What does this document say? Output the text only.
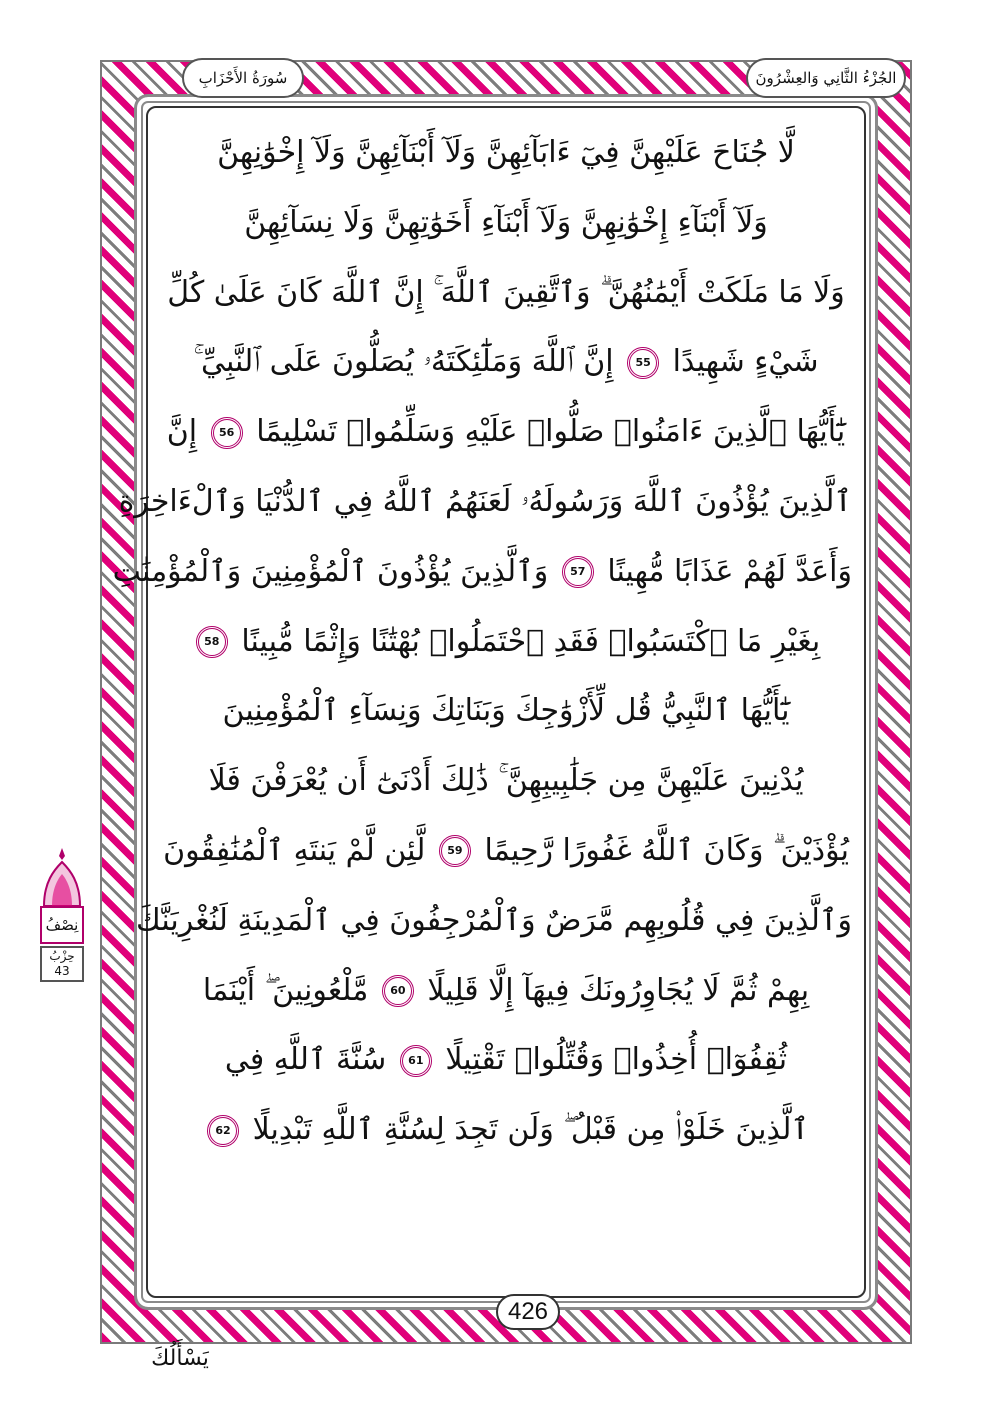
الجُزْءُ الثَّانِي وَالعِشْرُونَ
سُورَةُ الأَحْزَابِ
لَّا جُنَاحَ عَلَيْهِنَّ فِيٓ ءَابَآئِهِنَّ وَلَآ أَبْنَآئِهِنَّ وَلَآ إِخْوَٰنِهِنَّ
وَلَآ أَبْنَآءِ إِخْوَٰنِهِنَّ وَلَآ أَبْنَآءِ أَخَوَٰتِهِنَّ وَلَا نِسَآئِهِنَّ
وَلَا مَا مَلَكَتْ أَيْمَٰنُهُنَّ ۗ وَٱتَّقِينَ ٱللَّهَ ۚ إِنَّ ٱللَّهَ كَانَ عَلَىٰ كُلِّ
شَيْءٍ شَهِيدًا 55 إِنَّ ٱللَّهَ وَمَلَٰٓئِكَتَهُۥ يُصَلُّونَ عَلَى ٱلنَّبِيِّ ۚ
يَٰٓأَيُّهَا ٱلَّذِينَ ءَامَنُوا۟ صَلُّوا۟ عَلَيْهِ وَسَلِّمُوا۟ تَسْلِيمًا 56 إِنَّ
ٱلَّذِينَ يُؤْذُونَ ٱللَّهَ وَرَسُولَهُۥ لَعَنَهُمُ ٱللَّهُ فِي ٱلدُّنْيَا وَٱلْءَاخِرَةِ
وَأَعَدَّ لَهُمْ عَذَابًا مُّهِينًا 57 وَٱلَّذِينَ يُؤْذُونَ ٱلْمُؤْمِنِينَ وَٱلْمُؤْمِنَٰتِ
بِغَيْرِ مَا ٱكْتَسَبُوا۟ فَقَدِ ٱحْتَمَلُوا۟ بُهْتَٰنًا وَإِثْمًا مُّبِينًا 58
يَٰٓأَيُّهَا ٱلنَّبِيُّ قُل لِّأَزْوَٰجِكَ وَبَنَاتِكَ وَنِسَآءِ ٱلْمُؤْمِنِينَ
يُدْنِينَ عَلَيْهِنَّ مِن جَلَٰبِيبِهِنَّ ۚ ذَٰلِكَ أَدْنَىٰٓ أَن يُعْرَفْنَ فَلَا
يُؤْذَيْنَ ۗ وَكَانَ ٱللَّهُ غَفُورًا رَّحِيمًا 59 لَّئِن لَّمْ يَنتَهِ ٱلْمُنَٰفِقُونَ
وَٱلَّذِينَ فِي قُلُوبِهِم مَّرَضٌ وَٱلْمُرْجِفُونَ فِي ٱلْمَدِينَةِ لَنُغْرِيَنَّكَ
بِهِمْ ثُمَّ لَا يُجَاوِرُونَكَ فِيهَآ إِلَّا قَلِيلًا 60 مَّلْعُونِينَ ۖ أَيْنَمَا
ثُقِفُوٓا۟ أُخِذُوا۟ وَقُتِّلُوا۟ تَقْتِيلًا 61 سُنَّةَ ٱللَّهِ فِي
ٱلَّذِينَ خَلَوْا۟ مِن قَبْلُ ۖ وَلَن تَجِدَ لِسُنَّةِ ٱللَّهِ تَبْدِيلًا 62
426
يَسْأَلُكَ
نِصْفُ
حِزْبُ
43
